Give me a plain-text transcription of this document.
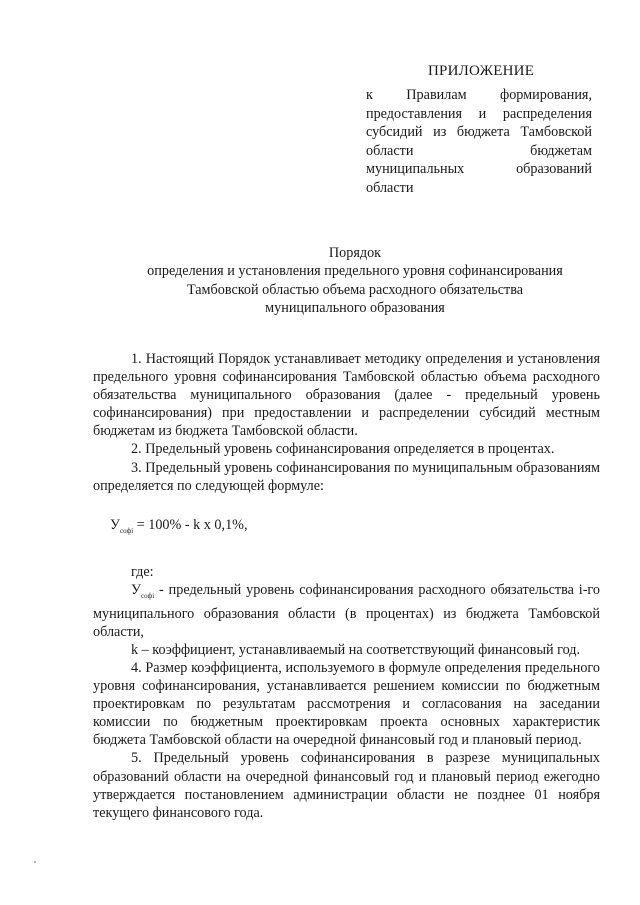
ПРИЛОЖЕНИЕ

к Правилам формирования,
предоставления и распределения
субсидий из бюджета Тамбовской
области бюджетам
муниципальных образований
области
Порядок
определения и установления предельного уровня софинансирования
Тамбовской областью объема расходного обязательства
муниципального образования

1. Настоящий Порядок устанавливает методику определения и установления предельного уровня софинансирования Тамбовской областью объема расходного обязательства муниципального образования (далее - предельный уровень софинансирования) при предоставлении и распределении субсидий местным бюджетам из бюджета Тамбовской области.

2. Предельный уровень софинансирования определяется в процентах.

3. Предельный уровень софинансирования по муниципальным образованиям определяется по следующей формуле:

$У_{софi} = 100\% - k$ x 0,1%,

где:

$У_{софi}$ - предельный уровень софинансирования расходного обязательства i-го муниципального образования области (в процентах) из бюджета Тамбовской области,

k – коэффициент, устанавливаемый на соответствующий финансовый год.

4. Размер коэффициента, используемого в формуле определения предельного уровня софинансирования, устанавливается решением комиссии по бюджетным проектировкам по результатам рассмотрения и согласования на заседании комиссии по бюджетным проектировкам проекта основных характеристик бюджета Тамбовской области на очередной финансовый год и плановый период.

5. Предельный уровень софинансирования в разрезе муниципальных образований области на очередной финансовый год и плановый период ежегодно утверждается постановлением администрации области не позднее 01 ноября текущего финансового года.
